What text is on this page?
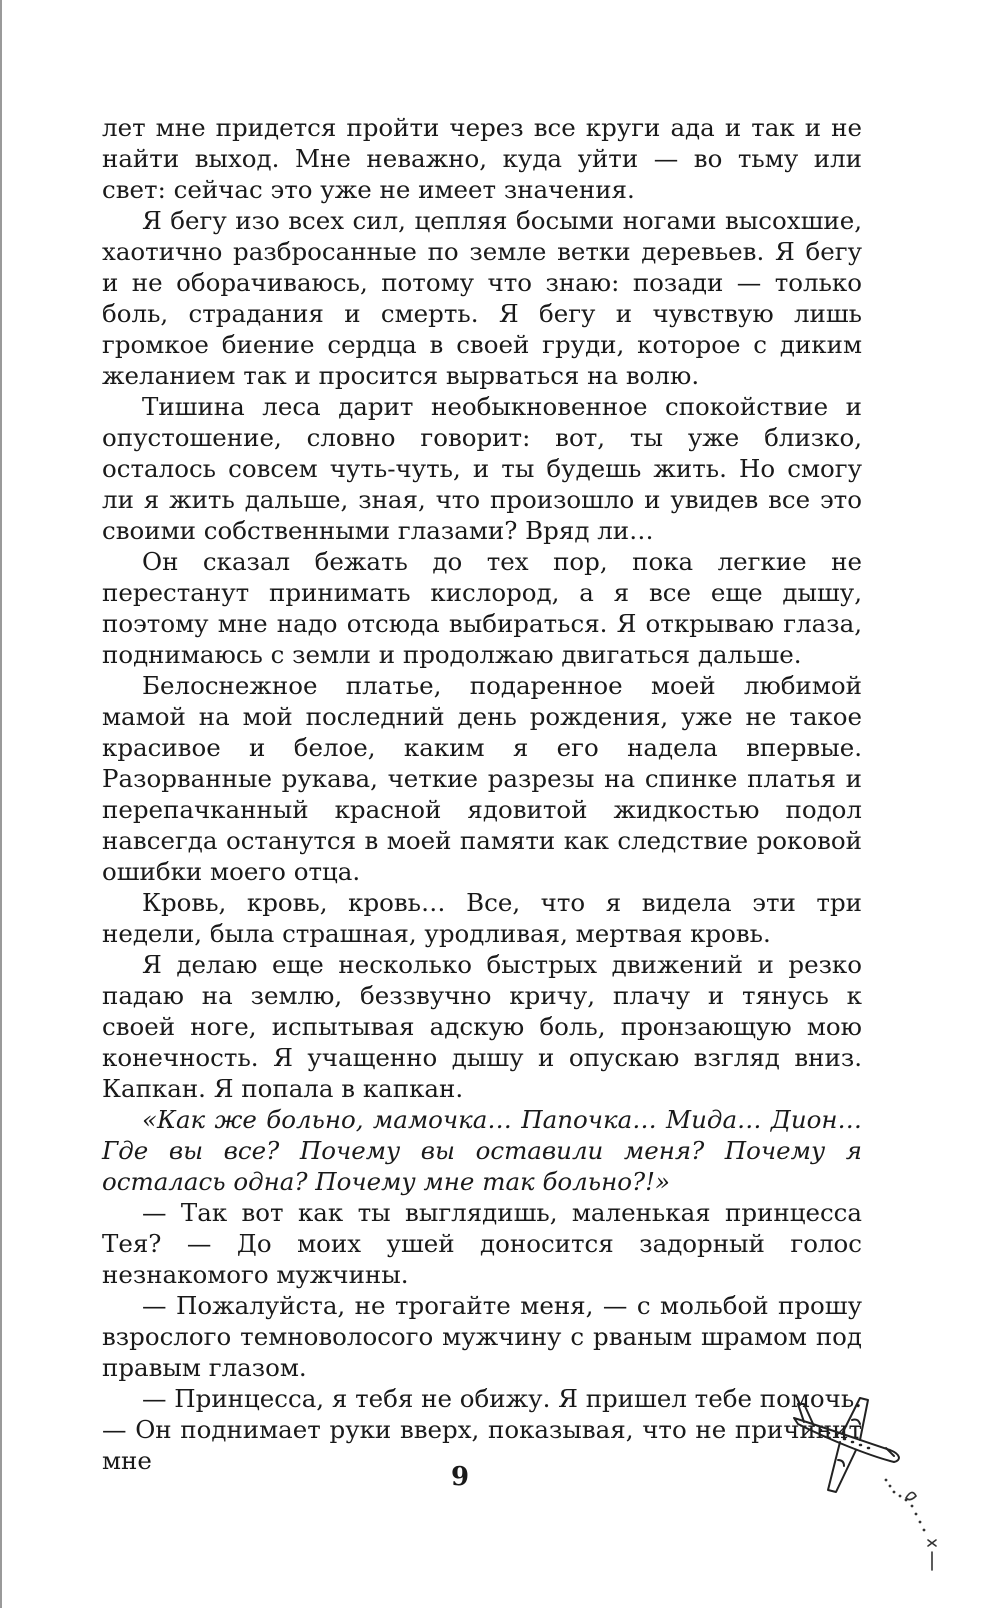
лет мне придется пройти через все круги ада и так и не найти выход. Мне неважно, куда уйти — во тьму или свет: сейчас это уже не имеет значения.

Я бегу изо всех сил, цепляя босыми ногами высохшие, хаотично разбросанные по земле ветки деревьев. Я бегу и не оборачиваюсь, потому что знаю: позади — только боль, страдания и смерть. Я бегу и чувствую лишь громкое биение сердца в своей груди, которое с диким желанием так и просится вырваться на волю.

Тишина леса дарит необыкновенное спокойствие и опустошение, словно говорит: вот, ты уже близко, осталось совсем чуть-чуть, и ты будешь жить. Но смогу ли я жить дальше, зная, что произошло и увидев все это своими собственными глазами? Вряд ли…

Он сказал бежать до тех пор, пока легкие не перестанут принимать кислород, а я все еще дышу, поэтому мне надо отсюда выбираться. Я открываю глаза, поднимаюсь с земли и продолжаю двигаться дальше.

Белоснежное платье, подаренное моей любимой мамой на мой последний день рождения, уже не такое красивое и белое, каким я его надела впервые. Разорванные рукава, четкие разрезы на спинке платья и перепачканный красной ядовитой жидкостью подол навсегда останутся в моей памяти как следствие роковой ошибки моего отца.

Кровь, кровь, кровь… Все, что я видела эти три недели, была страшная, уродливая, мертвая кровь.

Я делаю еще несколько быстрых движений и резко падаю на землю, беззвучно кричу, плачу и тянусь к своей ноге, испытывая адскую боль, пронзающую мою конечность. Я учащенно дышу и опускаю взгляд вниз. Капкан. Я попала в капкан.

«Как же больно, мамочка… Папочка… Мида… Дион… Где вы все? Почему вы оставили меня? Почему я осталась одна? Почему мне так больно?!»

— Так вот как ты выглядишь, маленькая принцесса Тея? — До моих ушей доносится задорный голос незнакомого мужчины.

— Пожалуйста, не трогайте меня, — с мольбой прошу взрослого темноволосого мужчину с рваным шрамом под правым глазом.

— Принцесса, я тебя не обижу. Я пришел тебе помочь. — Он поднимает руки вверх, показывая, что не причинит мне

9
